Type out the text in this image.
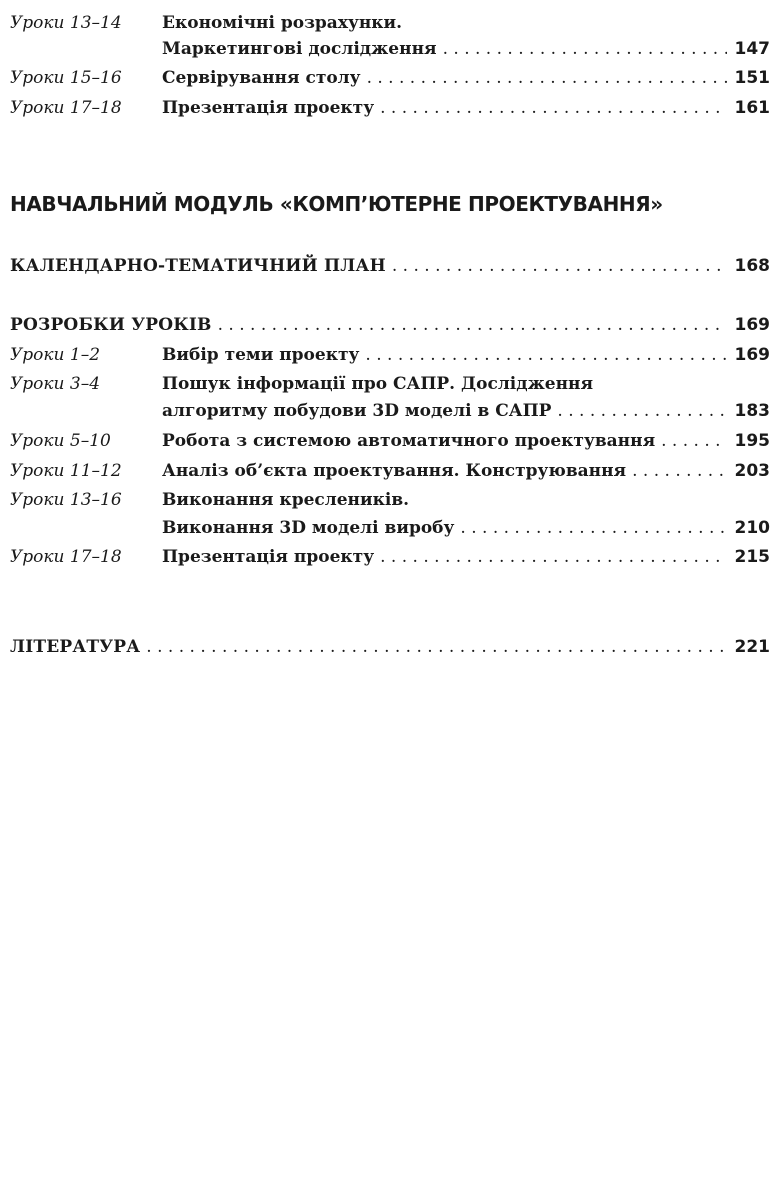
Уроки 13–14 Економічні розрахунки.
Маркетингові дослідження . . .	147
Уроки 15–16 Сервірування столу . . .	151
Уроки 17–18 Презентація проекту . . .	161
НАВЧАЛЬНИЙ МОДУЛЬ «КОМП’ЮТЕРНЕ ПРОЕКТУВАННЯ»
КАЛЕНДАРНО-ТЕМАТИЧНИЙ ПЛАН . . .	168
РОЗРОБКИ УРОКІВ . . .	169
Уроки 1–2	Вибір теми проекту . . .	169
Уроки 3–4	Пошук інформації про САПР. Дослідження
алгоритму побудови 3D моделі в САПР . . .	183
Уроки 5–10	Робота з системою автоматичного проектування . . .	195
Уроки 11–12 Аналіз об’єкта проектування. Конструювання . . .	203
Уроки 13–16 Виконання креслеників.
Виконання 3D моделі виробу . . .	210
Уроки 17–18 Презентація проекту . . .	215
ЛІТЕРАТУРА . . .	221
